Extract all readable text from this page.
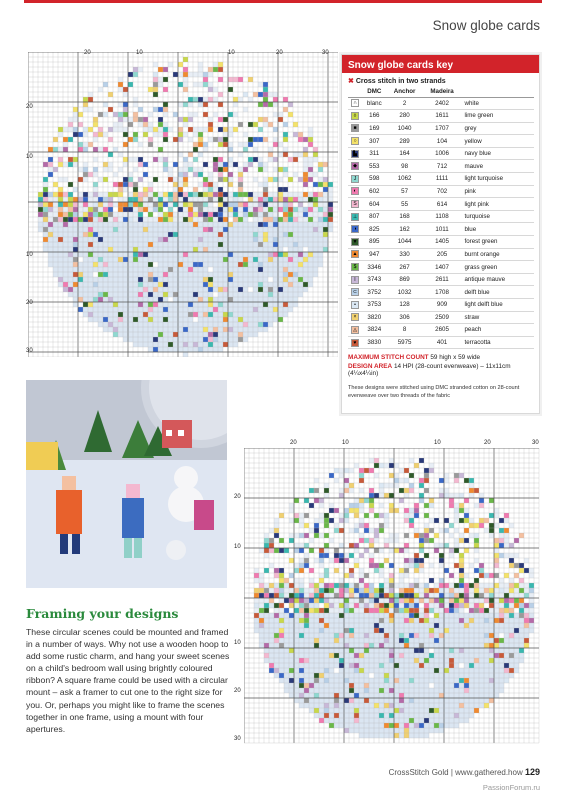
Snow globe cards
20	10	10	20	30
20
10
10
20
30
Snow globe cards key
✖ Cross stitch in two strands
	DMC	Anchor	Madeira	
∩	blanc	2	2402	white
◊	166	280	1611	lime green
■	169	1040	1707	grey
○	307	289	104	yellow
▙	311	164	1006	navy blue
◆	553	98	712	mauve
J	598	1062	1111	light turquoise
◐	602	57	702	pink
S	604	55	614	light pink
⊥	807	168	1108	turquoise
◑	825	162	1011	blue
▼	895	1044	1405	forest green
▲	947	330	205	burnt orange
$	3346	267	1407	grass green
I	3743	869	2611	antique mauve
⊂	3752	1032	1708	delft blue
•	3753	128	909	light delft blue
×	3820	306	2509	straw
◬	3824	8	2605	peach
♥	3830	5975	401	terracotta
MAXIMUM STITCH COUNT 59 high x 59 wide
DESIGN AREA 14 HPI (28-count evenweave) – 11x11cm (4¼x4¼in)
These designs were stitched using DMC stranded cotton on 28-count evenweave over two threads of the fabric
20	10	10	20	30
20
10
10
20
30
Framing your designs

These circular scenes could be mounted and framed in a number of ways. Why not use a wooden hoop to add some rustic charm, and hang your sweet scenes on a child's bedroom wall using brightly coloured ribbon? A square frame could be used with a circular mount – ask a framer to cut one to the right size for you. Or, perhaps you might like to frame the scenes together in one frame, using a mount with four apertures.

CrossStitch Gold | www.gathered.how 129
PassionForum.ru
